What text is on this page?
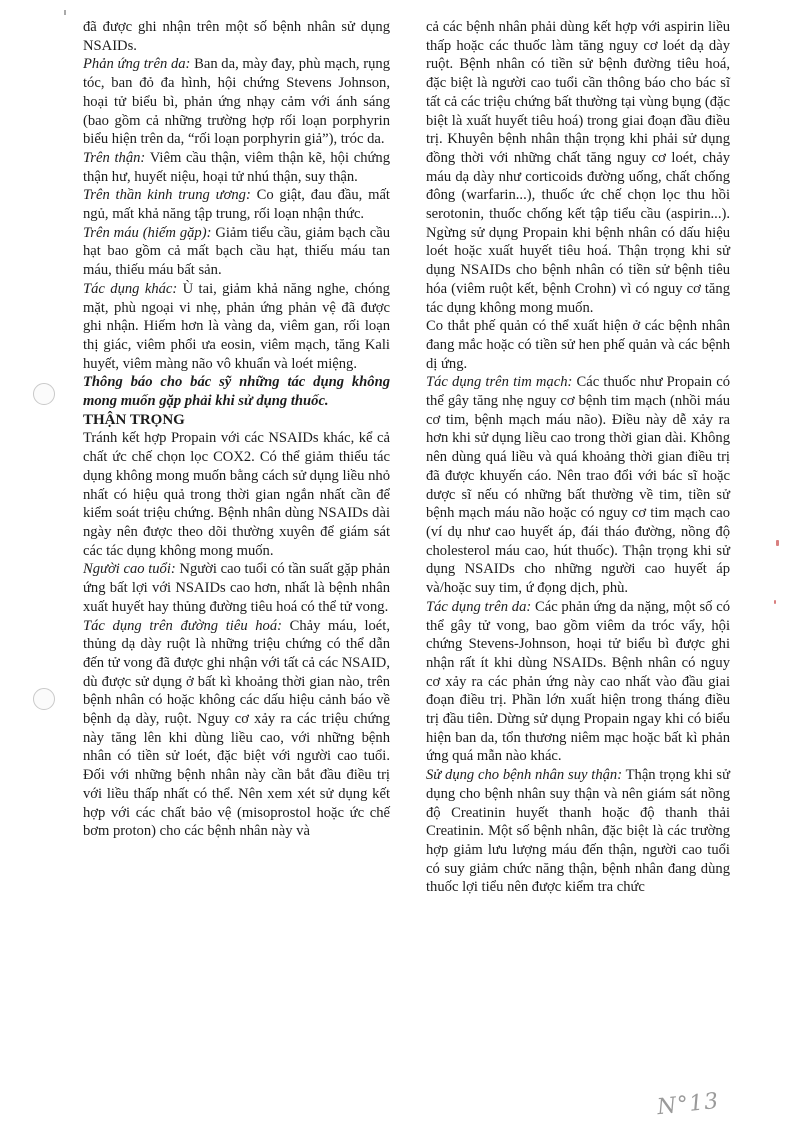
đã được ghi nhận trên một số bệnh nhân sử dụng NSAIDs.

Phản ứng trên da: Ban da, mày đay, phù mạch, rụng tóc, ban đỏ đa hình, hội chứng Stevens Johnson, hoại tử biểu bì, phản ứng nhạy cảm với ánh sáng (bao gồm cả những trường hợp rối loạn porphyrin biểu hiện trên da, “rối loạn porphyrin giả”), tróc da.

Trên thận: Viêm cầu thận, viêm thận kẽ, hội chứng thận hư, huyết niệu, hoại tử nhú thận, suy thận.

Trên thần kinh trung ương: Co giật, đau đầu, mất ngủ, mất khả năng tập trung, rối loạn nhận thức.

Trên máu (hiếm gặp): Giảm tiểu cầu, giảm bạch cầu hạt bao gồm cả mất bạch cầu hạt, thiếu máu tan máu, thiếu máu bất sản.

Tác dụng khác: Ù tai, giảm khả năng nghe, chóng mặt, phù ngoại vi nhẹ, phản ứng phản vệ đã được ghi nhận. Hiếm hơn là vàng da, viêm gan, rối loạn thị giác, viêm phổi ưa eosin, viêm mạch, tăng Kali huyết, viêm màng não vô khuẩn và loét miệng.

Thông báo cho bác sỹ những tác dụng không mong muốn gặp phải khi sử dụng thuốc.

THẬN TRỌNG

Tránh kết hợp Propain với các NSAIDs khác, kể cả chất ức chế chọn lọc COX2. Có thể giảm thiểu tác dụng không mong muốn bằng cách sử dụng liều nhỏ nhất có hiệu quả trong thời gian ngắn nhất cần để kiểm soát triệu chứng. Bệnh nhân dùng NSAIDs dài ngày nên được theo dõi thường xuyên để giám sát các tác dụng không mong muốn.

Người cao tuổi: Người cao tuổi có tần suất gặp phản ứng bất lợi với NSAIDs cao hơn, nhất là bệnh nhân xuất huyết hay thủng đường tiêu hoá có thể tử vong.

Tác dụng trên đường tiêu hoá: Chảy máu, loét, thủng dạ dày ruột là những triệu chứng có thể dẫn đến tử vong đã được ghi nhận với tất cả các NSAID, dù được sử dụng ở bất kì khoảng thời gian nào, trên bệnh nhân có hoặc không các dấu hiệu cảnh báo về bệnh dạ dày, ruột. Nguy cơ xảy ra các triệu chứng này tăng lên khi dùng liều cao, với những bệnh nhân có tiền sử loét, đặc biệt với người cao tuổi. Đối với những bệnh nhân này cần bắt đầu điều trị với liều thấp nhất có thể. Nên xem xét sử dụng kết hợp với các chất bảo vệ (misoprostol hoặc ức chế bơm proton) cho các bệnh nhân này và

cả các bệnh nhân phải dùng kết hợp với aspirin liều thấp hoặc các thuốc làm tăng nguy cơ loét dạ dày ruột. Bệnh nhân có tiền sử bệnh đường tiêu hoá, đặc biệt là người cao tuổi cần thông báo cho bác sĩ tất cả các triệu chứng bất thường tại vùng bụng (đặc biệt là xuất huyết tiêu hoá) trong giai đoạn đầu điều trị. Khuyên bệnh nhân thận trọng khi phải sử dụng đồng thời với những chất tăng nguy cơ loét, chảy máu dạ dày như corticoids đường uống, chất chống đông (warfarin...), thuốc ức chế chọn lọc thu hồi serotonin, thuốc chống kết tập tiểu cầu (aspirin...). Ngừng sử dụng Propain khi bệnh nhân có dấu hiệu loét hoặc xuất huyết tiêu hoá. Thận trọng khi sử dụng NSAIDs cho bệnh nhân có tiền sử bệnh tiêu hóa (viêm ruột kết, bệnh Crohn) vì có nguy cơ tăng tác dụng không mong muốn.

Co thắt phế quản có thể xuất hiện ở các bệnh nhân đang mắc hoặc có tiền sử hen phế quản và các bệnh dị ứng.

Tác dụng trên tim mạch: Các thuốc như Propain có thể gây tăng nhẹ nguy cơ bệnh tim mạch (nhồi máu cơ tim, bệnh mạch máu não). Điều này dễ xảy ra hơn khi sử dụng liều cao trong thời gian dài. Không nên dùng quá liều và quá khoảng thời gian điều trị đã được khuyến cáo. Nên trao đổi với bác sĩ hoặc dược sĩ nếu có những bất thường về tim, tiền sử bệnh mạch máu não hoặc có nguy cơ tim mạch cao (ví dụ như cao huyết áp, đái tháo đường, nồng độ cholesterol máu cao, hút thuốc). Thận trọng khi sử dụng NSAIDs cho những người cao huyết áp và/hoặc suy tim, ứ đọng dịch, phù.

Tác dụng trên da: Các phản ứng da nặng, một số có thể gây tử vong, bao gồm viêm da tróc vẩy, hội chứng Stevens-Johnson, hoại tử biểu bì được ghi nhận rất ít khi dùng NSAIDs. Bệnh nhân có nguy cơ xảy ra các phản ứng này cao nhất vào đầu giai đoạn điều trị. Phần lớn xuất hiện trong tháng điều trị đầu tiên. Dừng sử dụng Propain ngay khi có biểu hiện ban da, tổn thương niêm mạc hoặc bất kì phản ứng quá mẫn nào khác.

Sử dụng cho bệnh nhân suy thận: Thận trọng khi sử dụng cho bệnh nhân suy thận và nên giám sát nồng độ Creatinin huyết thanh hoặc độ thanh thải Creatinin. Một số bệnh nhân, đặc biệt là các trường hợp giảm lưu lượng máu đến thận, người cao tuổi có suy giảm chức năng thận, bệnh nhân đang dùng thuốc lợi tiểu nên được kiểm tra chức

N°13
